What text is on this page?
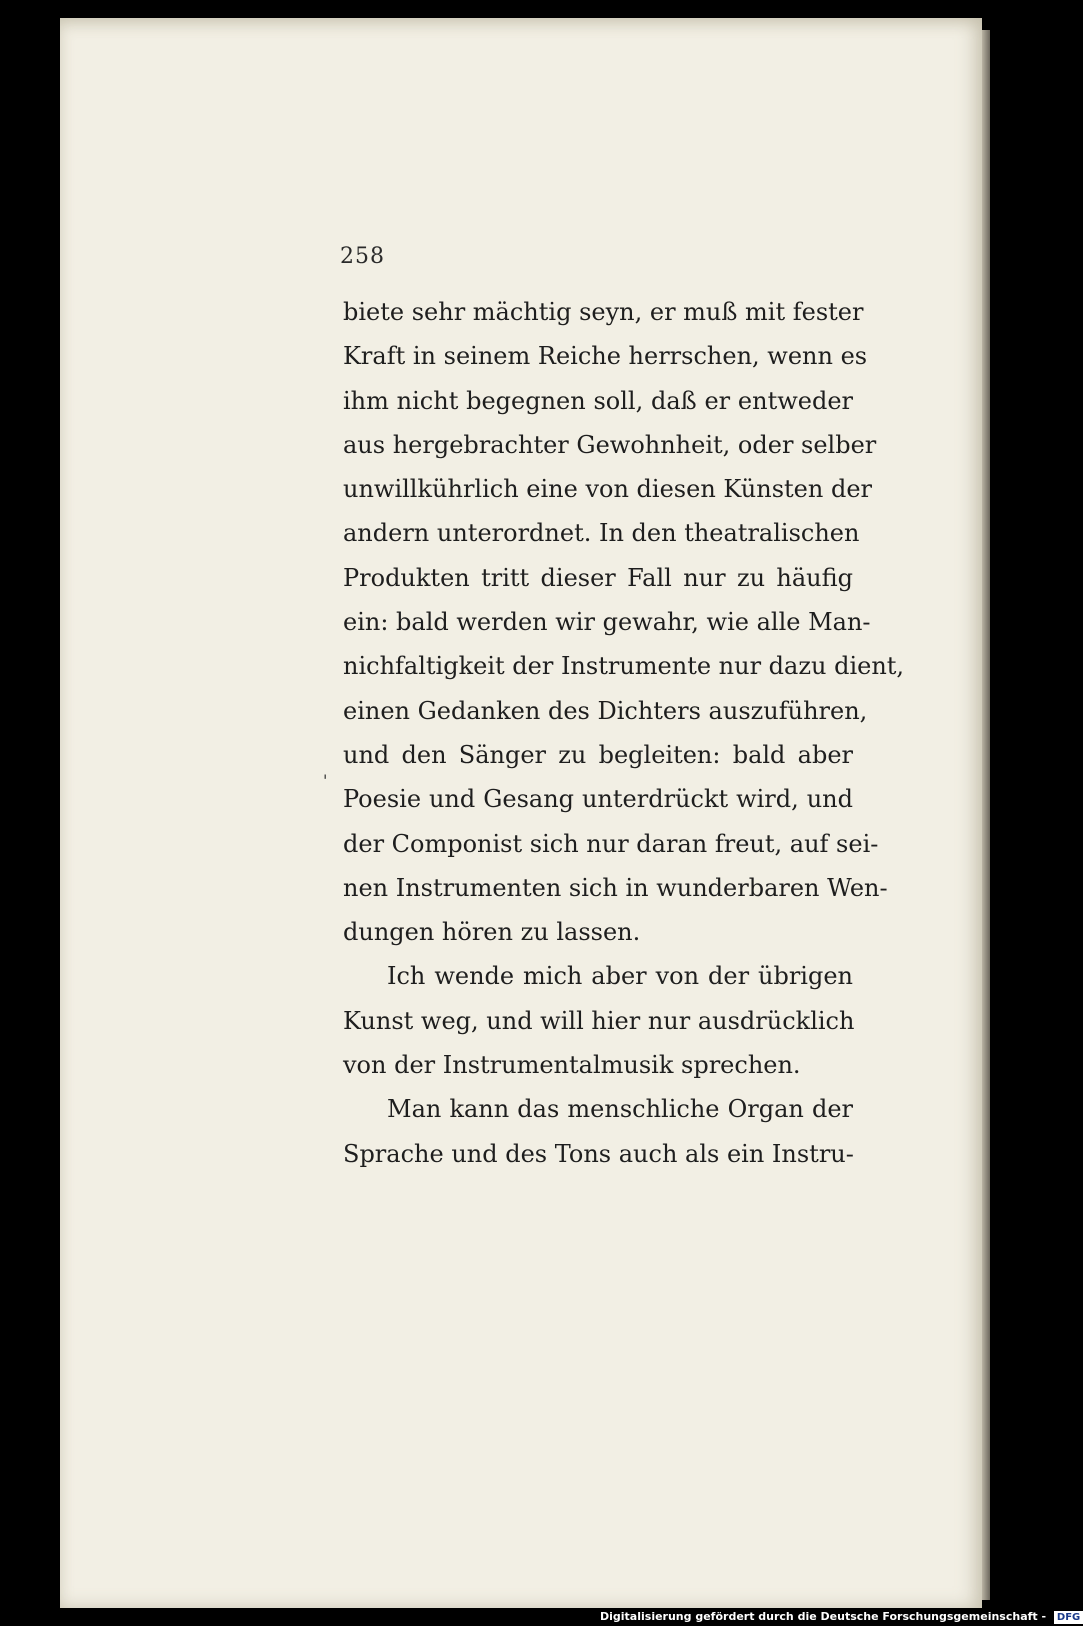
258
'
biete sehr mächtig seyn, er muß mit fester
Kraft in seinem Reiche herrschen, wenn es
ihm nicht begegnen soll, daß er entweder
aus hergebrachter Gewohnheit, oder selber
unwillkührlich eine von diesen Künsten der
andern unterordnet. In den theatralischen
Produkten tritt dieser Fall nur zu häufig
ein: bald werden wir gewahr, wie alle Man-
nichfaltigkeit der Instrumente nur dazu dient,
einen Gedanken des Dichters auszuführen,
und den Sänger zu begleiten: bald aber
Poesie und Gesang unterdrückt wird, und
der Componist sich nur daran freut, auf sei-
nen Instrumenten sich in wunderbaren Wen-
dungen hören zu lassen.
Ich wende mich aber von der übrigen
Kunst weg, und will hier nur ausdrücklich
von der Instrumentalmusik sprechen.
Man kann das menschliche Organ der
Sprache und des Tons auch als ein Instru-
Digitalisierung gefördert durch die Deutsche Forschungsgemeinschaft - DFG
